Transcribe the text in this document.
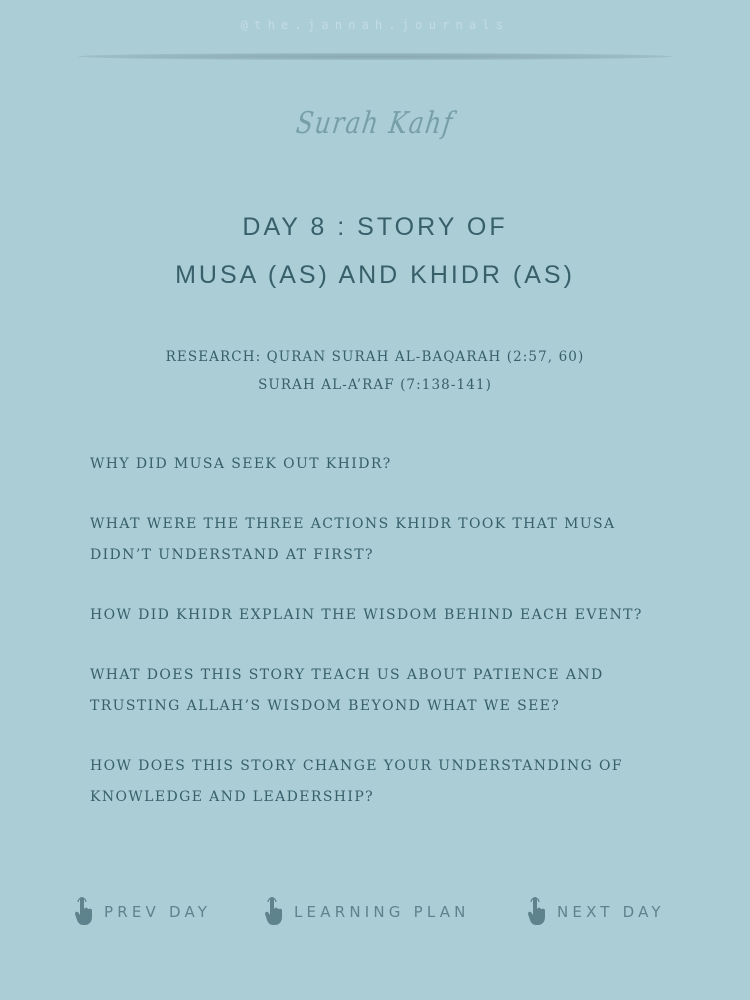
@the.jannah.journals
Surah Kahf
DAY 8 : STORY OF
MUSA (AS) AND KHIDR (AS)
RESEARCH: QURAN SURAH AL-BAQARAH (2:57, 60)
SURAH AL-A’RAF (7:138-141)
WHY DID MUSA SEEK OUT KHIDR?
WHAT WERE THE THREE ACTIONS KHIDR TOOK THAT MUSA
DIDN’T UNDERSTAND AT FIRST?
HOW DID KHIDR EXPLAIN THE WISDOM BEHIND EACH EVENT?
WHAT DOES THIS STORY TEACH US ABOUT PATIENCE AND
TRUSTING ALLAH’S WISDOM BEYOND WHAT WE SEE?
HOW DOES THIS STORY CHANGE YOUR UNDERSTANDING OF
KNOWLEDGE AND LEADERSHIP?
PREV DAY	LEARNING PLAN	NEXT DAY
